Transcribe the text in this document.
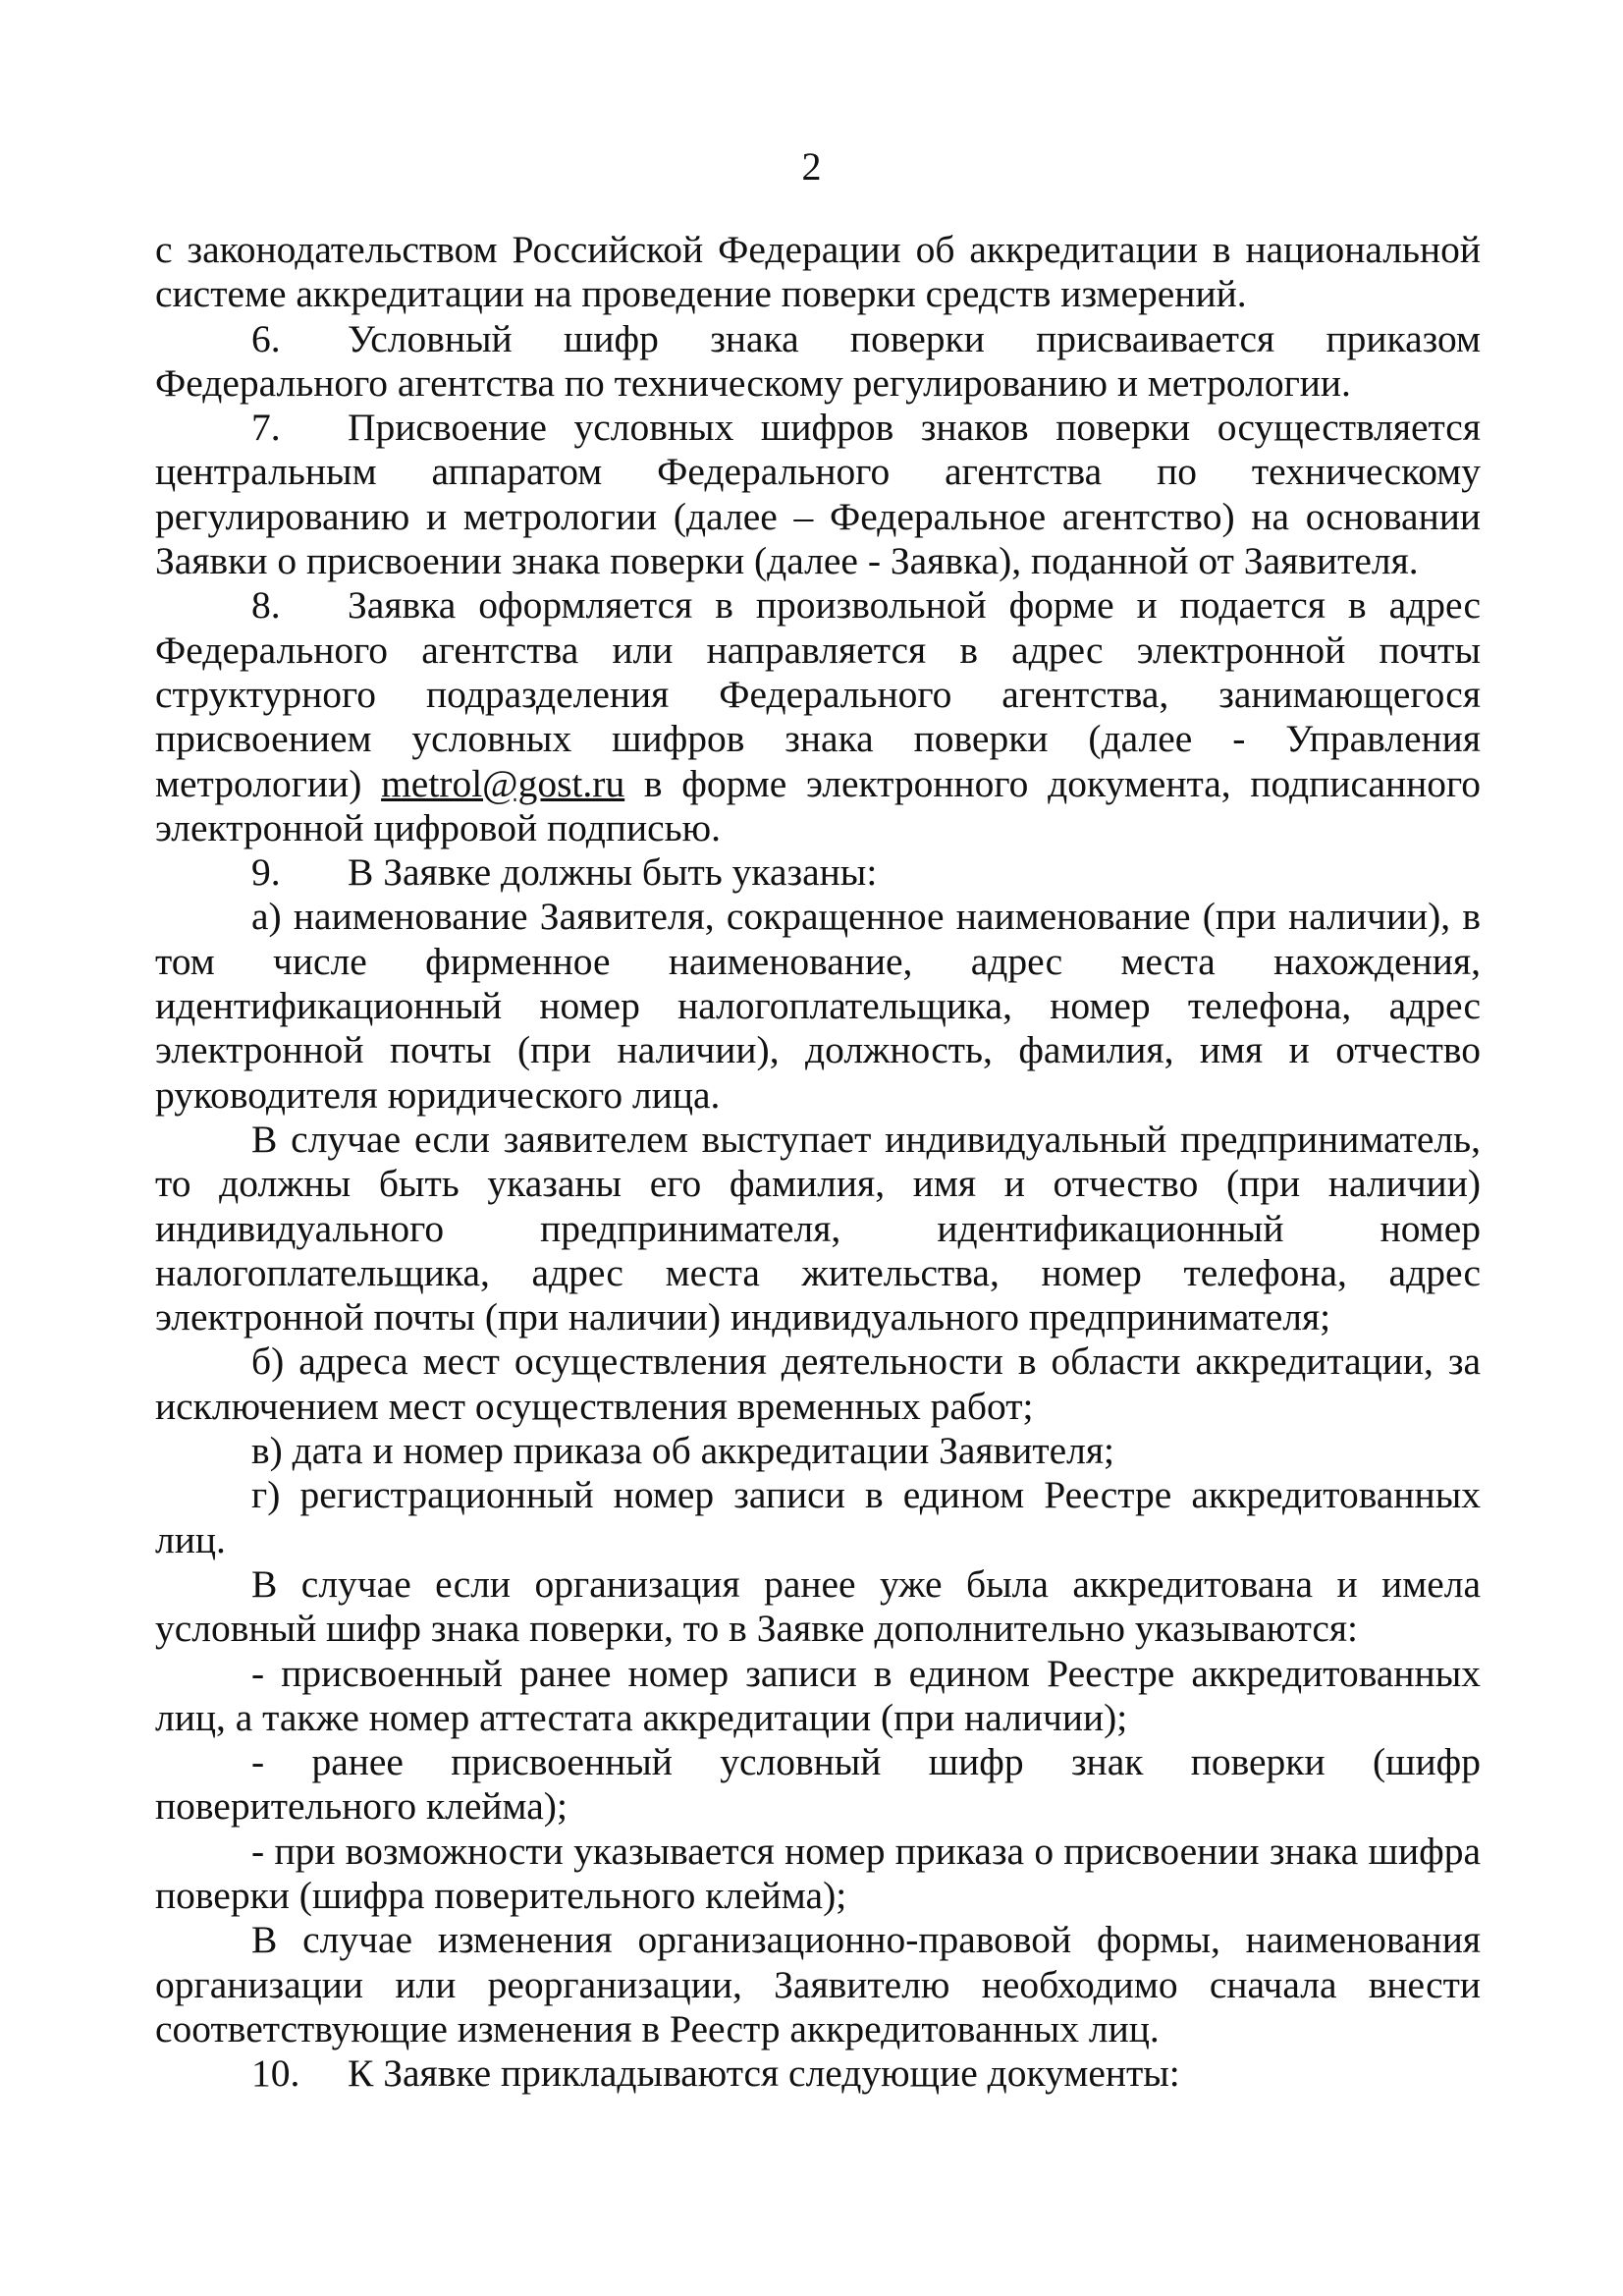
2

с законодательством Российской Федерации об аккредитации в национальной системе аккредитации на проведение поверки средств измерений.

6. Условный шифр знака поверки присваивается приказом Федерального агентства по техническому регулированию и метрологии.

7. Присвоение условных шифров знаков поверки осуществляется центральным аппаратом Федерального агентства по техническому регулированию и метрологии (далее – Федеральное агентство) на основании Заявки о присвоении знака поверки (далее - Заявка), поданной от Заявителя.

8. Заявка оформляется в произвольной форме и подается в адрес Федерального агентства или направляется в адрес электронной почты структурного подразделения Федерального агентства, занимающегося присвоением условных шифров знака поверки (далее - Управления метрологии) metrol@gost.ru в форме электронного документа, подписанного электронной цифровой подписью.

9. В Заявке должны быть указаны:

а) наименование Заявителя, сокращенное наименование (при наличии), в том числе фирменное наименование, адрес места нахождения, идентификационный номер налогоплательщика, номер телефона, адрес электронной почты (при наличии), должность, фамилия, имя и отчество руководителя юридического лица.

В случае если заявителем выступает индивидуальный предприниматель, то должны быть указаны его фамилия, имя и отчество (при наличии) индивидуального предпринимателя, идентификационный номер налогоплательщика, адрес места жительства, номер телефона, адрес электронной почты (при наличии) индивидуального предпринимателя;

б) адреса мест осуществления деятельности в области аккредитации, за исключением мест осуществления временных работ;

в) дата и номер приказа об аккредитации Заявителя;

г) регистрационный номер записи в едином Реестре аккредитованных лиц.

В случае если организация ранее уже была аккредитована и имела условный шифр знака поверки, то в Заявке дополнительно указываются:

- присвоенный ранее номер записи в едином Реестре аккредитованных лиц, а также номер аттестата аккредитации (при наличии);

- ранее присвоенный условный шифр знак поверки (шифр поверительного клейма);

- при возможности указывается номер приказа о присвоении знака шифра поверки (шифра поверительного клейма);

В случае изменения организационно-правовой формы, наименования организации или реорганизации, Заявителю необходимо сначала внести соответствующие изменения в Реестр аккредитованных лиц.

10. К Заявке прикладываются следующие документы:
